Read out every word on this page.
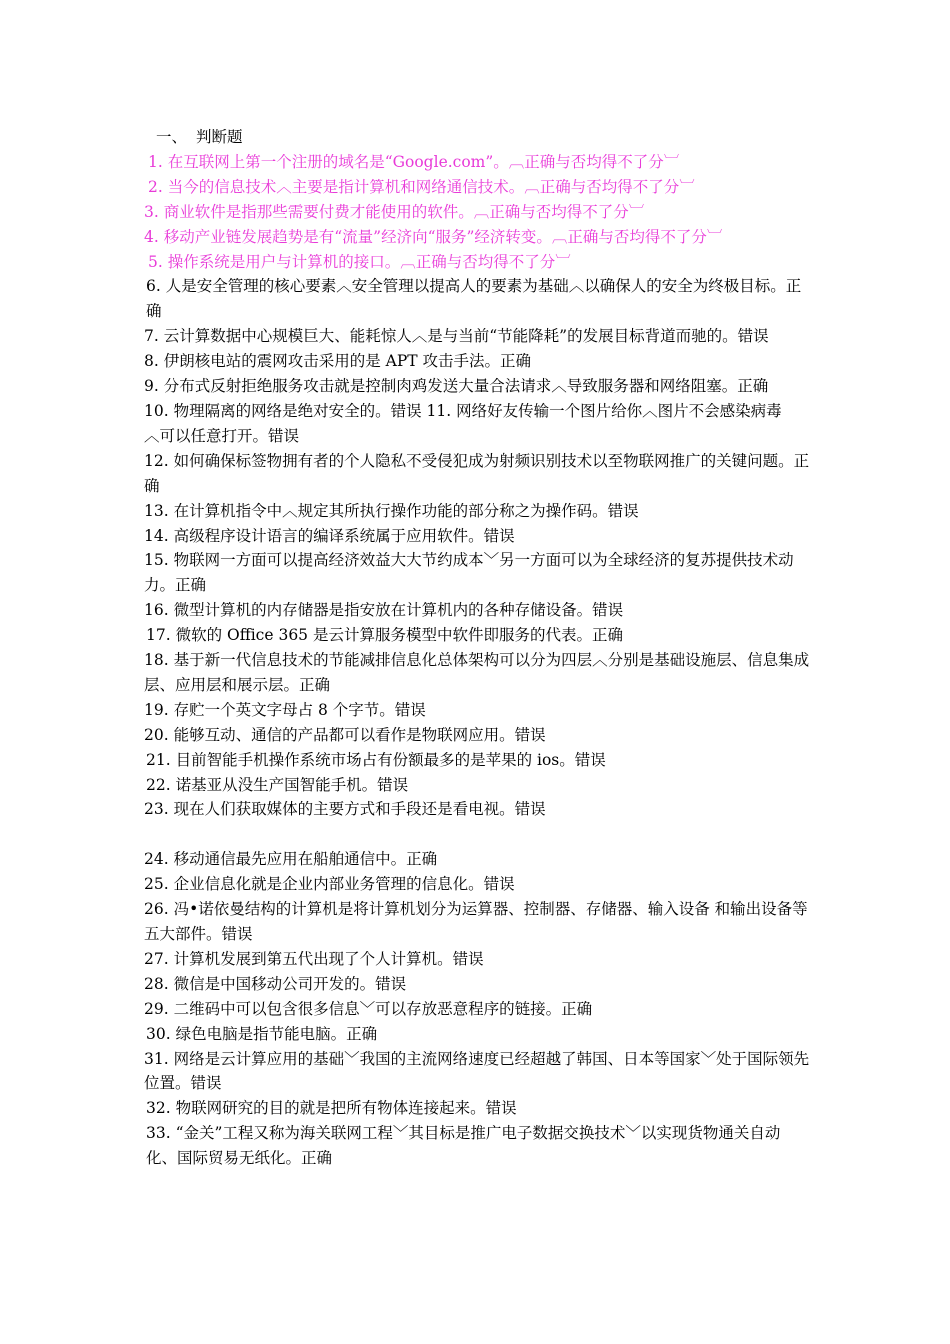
一、 判断题
1. 在互联网上第一个注册的域名是“Google.com”。︹正确与否均得不了分︺
2. 当今的信息技术︿主要是指计算机和网络通信技术。︹正确与否均得不了分︺
3. 商业软件是指那些需要付费才能使用的软件。︹正确与否均得不了分︺
4. 移动产业链发展趋势是有“流量”经济向“服务”经济转变。︹正确与否均得不了分︺
5. 操作系统是用户与计算机的接口。︹正确与否均得不了分︺
6. 人是安全管理的核心要素︿安全管理以提高人的要素为基础︿以确保人的安全为终极目标。正确
7. 云计算数据中心规模巨大、能耗惊人︿是与当前“节能降耗”的发展目标背道而驰的。错误
8. 伊朗核电站的震网攻击采用的是 APT 攻击手法。正确
9. 分布式反射拒绝服务攻击就是控制肉鸡发送大量合法请求︿导致服务器和网络阻塞。正确
10. 物理隔离的网络是绝对安全的。错误 11. 网络好友传输一个图片给你︿图片不会感染病毒︿可以任意打开。错误
12. 如何确保标签物拥有者的个人隐私不受侵犯成为射频识别技术以至物联网推广的关键问题。正确
13. 在计算机指令中︿规定其所执行操作功能的部分称之为操作码。错误
14. 高级程序设计语言的编译系统属于应用软件。错误
15. 物联网一方面可以提高经济效益大大节约成本﹀另一方面可以为全球经济的复苏提供技术动力。正确
16. 微型计算机的内存储器是指安放在计算机内的各种存储设备。错误
17. 微软的 Office 365 是云计算服务模型中软件即服务的代表。正确
18. 基于新一代信息技术的节能减排信息化总体架构可以分为四层︿分别是基础设施层、信息集成层、应用层和展示层。正确
19. 存贮一个英文字母占 8 个字节。错误
20. 能够互动、通信的产品都可以看作是物联网应用。错误
21. 目前智能手机操作系统市场占有份额最多的是苹果的 ios。错误
22. 诺基亚从没生产国智能手机。错误
23. 现在人们获取媒体的主要方式和手段还是看电视。错误
24. 移动通信最先应用在船舶通信中。正确
25. 企业信息化就是企业内部业务管理的信息化。错误
26. 冯•诺依曼结构的计算机是将计算机划分为运算器、控制器、存储器、输入设备 和输出设备等五大部件。错误
27. 计算机发展到第五代出现了个人计算机。错误
28. 微信是中国移动公司开发的。错误
29. 二维码中可以包含很多信息﹀可以存放恶意程序的链接。正确
30. 绿色电脑是指节能电脑。正确
31. 网络是云计算应用的基础﹀我国的主流网络速度已经超越了韩国、日本等国家﹀处于国际领先位置。错误
32. 物联网研究的目的就是把所有物体连接起来。错误
33. “金关”工程又称为海关联网工程﹀其目标是推广电子数据交换技术﹀以实现货物通关自动化、国际贸易无纸化。正确
